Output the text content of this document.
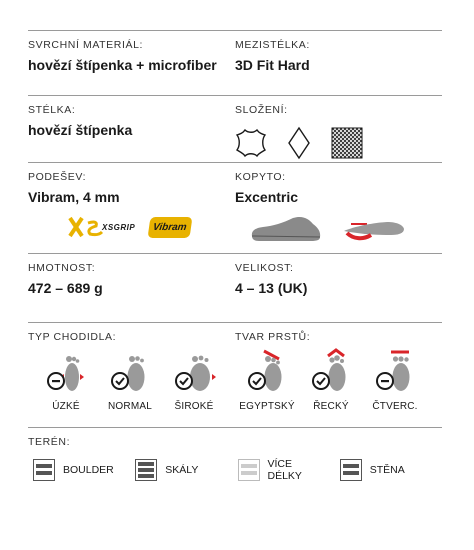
SVRCHNÍ MATERIÁL:
hovězí štípenka + microfiber
MEZISTÉLKA:
3D Fit Hard
STÉLKA:
hovězí štípenka
SLOŽENÍ:
PODEŠEV:
Vibram, 4 mm
XSGRIP Vibram
KOPYTO:
Excentric
HMOTNOST:
472 – 689 g
VELIKOST:
4 – 13 (UK)
TYP CHODIDLA:
ÚZKÉ	NORMAL	ŠIROKÉ
TVAR PRSTŮ:
EGYPTSKÝ	ŘECKÝ	ČTVERC.
TERÉN:
BOULDER	SKÁLY	VÍCE
DÉLKY	STĚNA
